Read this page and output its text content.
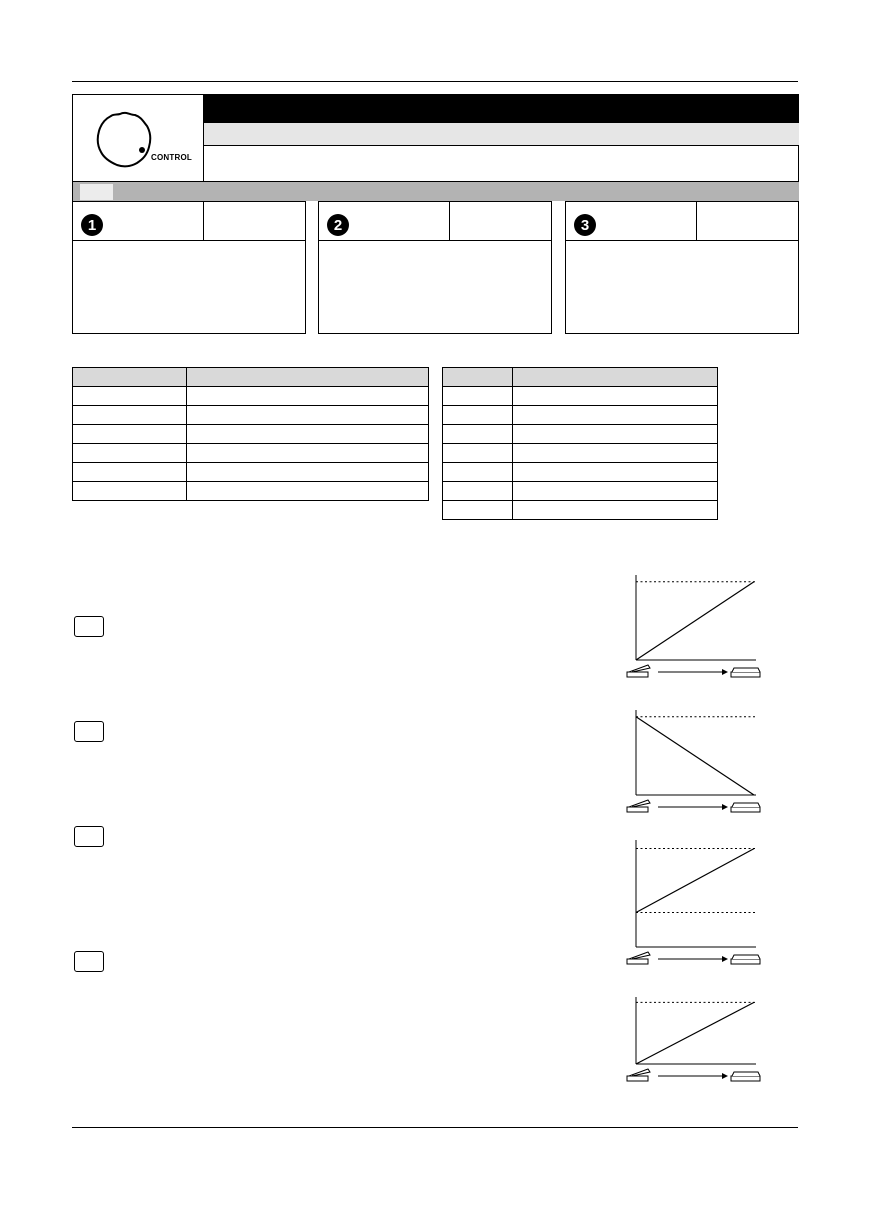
CONTROL
1	2	3
